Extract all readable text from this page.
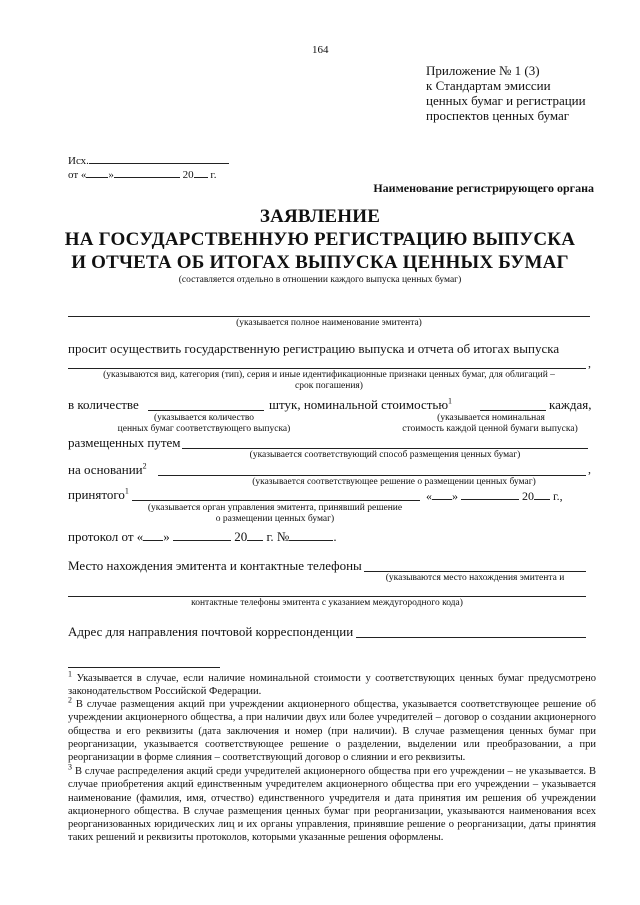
164
Приложение № 1 (3)
к Стандартам эмиссии
ценных бумаг и регистрации
проспектов ценных бумаг
Исх.
от « »	20 г.
Наименование регистрирующего органа
ЗАЯВЛЕНИЕ
НА ГОСУДАРСТВЕННУЮ РЕГИСТРАЦИЮ ВЫПУСКА
И ОТЧЕТА ОБ ИТОГАХ ВЫПУСКА ЦЕННЫХ БУМАГ
(составляется отдельно в отношении каждого выпуска ценных бумаг)
(указывается полное наименование эмитента)
просит осуществить государственную регистрацию выпуска и отчета об итогах выпуска
,
(указываются вид, категория (тип), серия и иные идентификационные признаки ценных бумаг, для облигаций –
срок погашения)
в количестве	штук, номинальной стоимостью$^1$	каждая,
(указывается количество
ценных бумаг соответствующего выпуска)
(указывается номинальная
стоимость каждой ценной бумаги выпуска)
размещенных путем
(указывается соответствующий способ размещения ценных бумаг)
на основании$^2$	,
(указывается соответствующее решение о размещении ценных бумаг)
принятого$^1$	« »	20 г.,
(указывается орган управления эмитента, принявший решение
о размещении ценных бумаг)
протокол от « »	20 г. №	.
Место нахождения эмитента и контактные телефоны
(указываются место нахождения эмитента и
контактные телефоны эмитента с указанием междугородного кода)
Адрес для направления почтовой корреспонденции
$^1$ Указывается в случае, если наличие номинальной стоимости у соответствующих ценных бумаг предусмотрено законодательством Российской Федерации.
$^2$ В случае размещения акций при учреждении акционерного общества, указывается соответствующее решение об учреждении акционерного общества, а при наличии двух или более учредителей – договор о создании акционерного общества и его реквизиты (дата заключения и номер (при наличии). В случае размещения ценных бумаг при реорганизации, указывается соответствующее решение о разделении, выделении или преобразовании, а при реорганизации в форме слияния – соответствующий договор о слиянии и его реквизиты.
$^3$ В случае распределения акций среди учредителей акционерного общества при его учреждении – не указывается. В случае приобретения акций единственным учредителем акционерного общества при его учреждении – указывается наименование (фамилия, имя, отчество) единственного учредителя и дата принятия им решения об учреждении акционерного общества. В случае размещения ценных бумаг при реорганизации, указываются наименования всех реорганизованных юридических лиц и их органы управления, принявшие решение о реорганизации, даты принятия таких решений и реквизиты протоколов, которыми указанные решения оформлены.
